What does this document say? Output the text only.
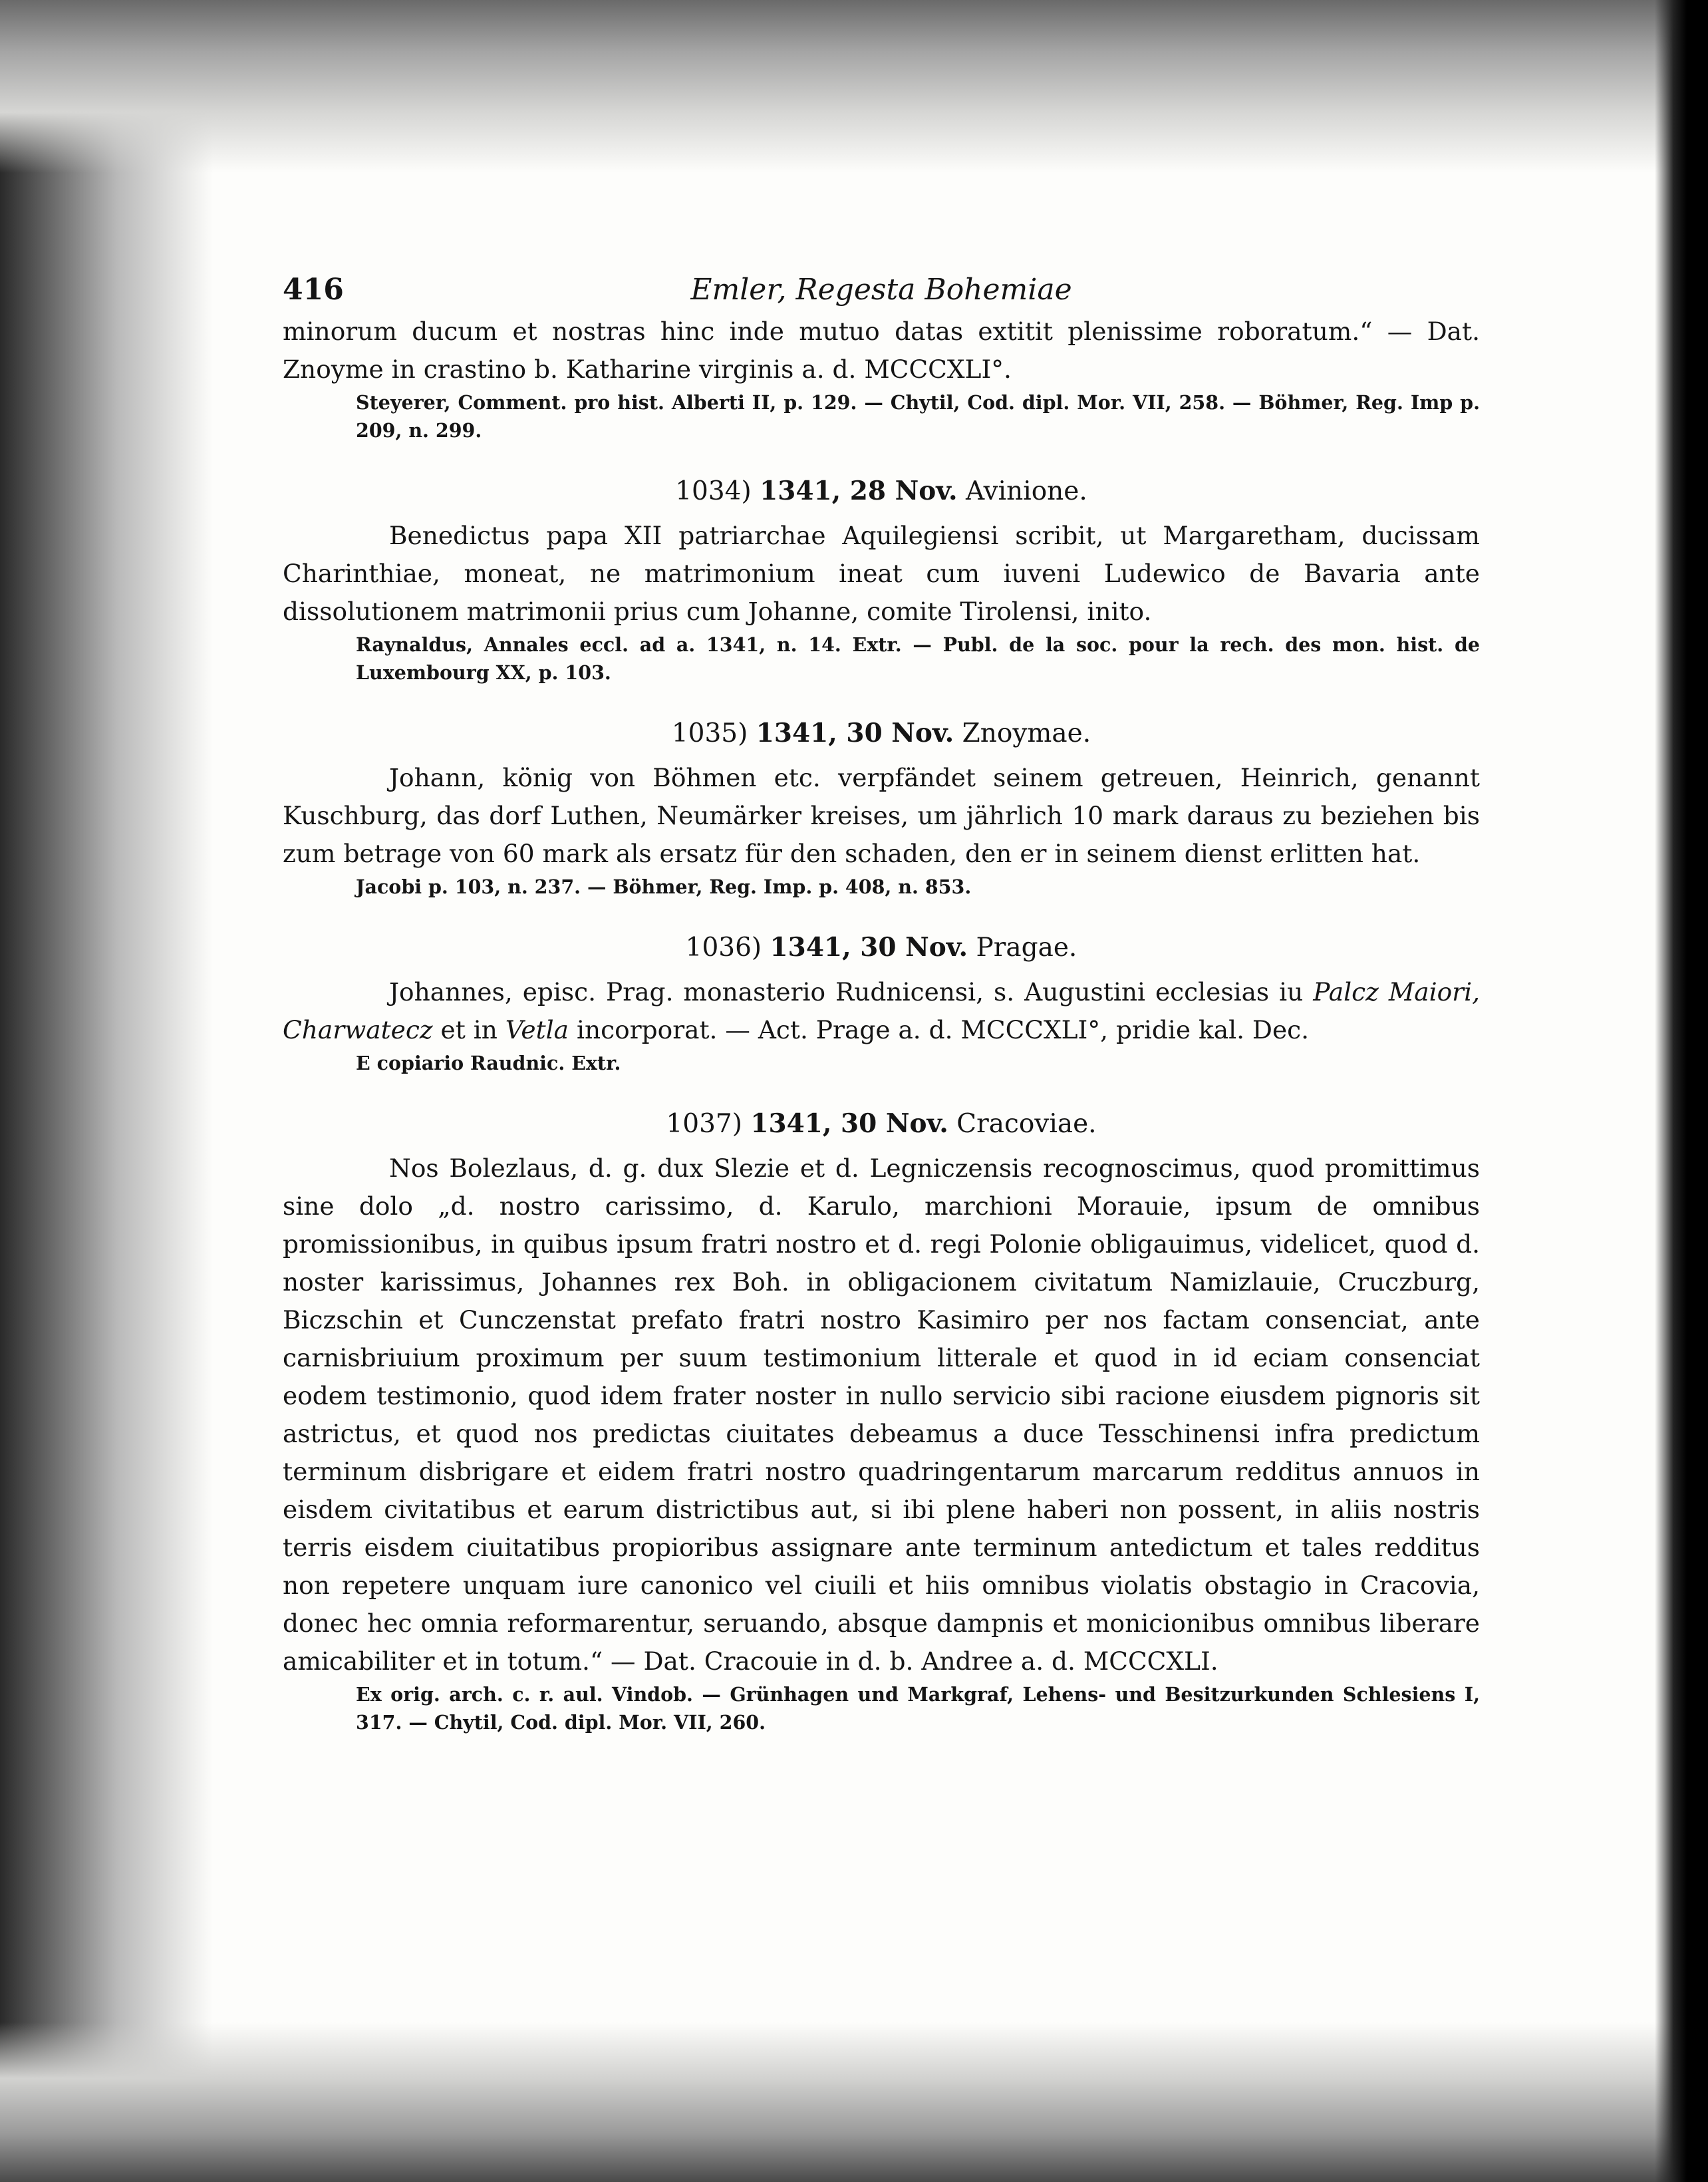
Emler, Regesta Bohemiae
416

minorum ducum et nostras hinc inde mutuo datas extitit plenissime roboratum.“ — Dat. Znoyme in crastino b. Katharine virginis a. d. MCCCXLI°.

Steyerer, Comment. pro hist. Alberti II, p. 129. — Chytil, Cod. dipl. Mor. VII, 258. — Böhmer, Reg. Imp p. 209, n. 299.

1034) 1341, 28 Nov. Avinione.

Benedictus papa XII patriarchae Aquilegiensi scribit, ut Margaretham, ducissam Charinthiae, moneat, ne matrimonium ineat cum iuveni Ludewico de Bavaria ante dissolutionem matrimonii prius cum Johanne, comite Tirolensi, inito.

Raynaldus, Annales eccl. ad a. 1341, n. 14. Extr. — Publ. de la soc. pour la rech. des mon. hist. de Luxembourg XX, p. 103.

1035) 1341, 30 Nov. Znoymae.

Johann, könig von Böhmen etc. verpfändet seinem getreuen, Heinrich, genannt Kuschburg, das dorf Luthen, Neumärker kreises, um jährlich 10 mark daraus zu beziehen bis zum betrage von 60 mark als ersatz für den schaden, den er in seinem dienst erlitten hat.

Jacobi p. 103, n. 237. — Böhmer, Reg. Imp. p. 408, n. 853.

1036) 1341, 30 Nov. Pragae.

Johannes, episc. Prag. monasterio Rudnicensi, s. Augustini ecclesias iu Palcz Maiori, Charwatecz et in Vetla incorporat. — Act. Prage a. d. MCCCXLI°, pridie kal. Dec.

E copiario Raudnic. Extr.

1037) 1341, 30 Nov. Cracoviae.

Nos Bolezlaus, d. g. dux Slezie et d. Legniczensis recognoscimus, quod promittimus sine dolo „d. nostro carissimo, d. Karulo, marchioni Morauie, ipsum de omnibus promissionibus, in quibus ipsum fratri nostro et d. regi Polonie obligauimus, videlicet, quod d. noster karissimus, Johannes rex Boh. in obligacionem civitatum Namizlauie, Cruczburg, Biczschin et Cunczenstat prefato fratri nostro Kasimiro per nos factam consenciat, ante carnisbriuium proximum per suum testimonium litterale et quod in id eciam consenciat eodem testimonio, quod idem frater noster in nullo servicio sibi racione eiusdem pignoris sit astrictus, et quod nos predictas ciuitates debeamus a duce Tesschinensi infra predictum terminum disbrigare et eidem fratri nostro quadringentarum marcarum redditus annuos in eisdem civitatibus et earum districtibus aut, si ibi plene haberi non possent, in aliis nostris terris eisdem ciuitatibus propioribus assignare ante terminum antedictum et tales redditus non repetere unquam iure canonico vel ciuili et hiis omnibus violatis obstagio in Cracovia, donec hec omnia reformarentur, seruando, absque dampnis et monicionibus omnibus liberare amicabiliter et in totum.“ — Dat. Cracouie in d. b. Andree a. d. MCCCXLI.

Ex orig. arch. c. r. aul. Vindob. — Grünhagen und Markgraf, Lehens- und Besitzurkunden Schlesiens I, 317. — Chytil, Cod. dipl. Mor. VII, 260.
